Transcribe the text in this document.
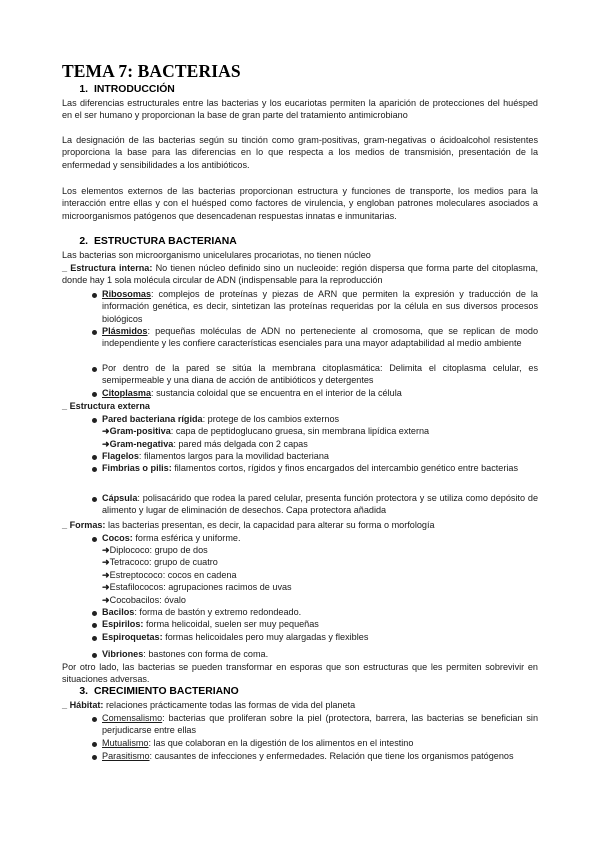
TEMA 7: BACTERIAS
1. INTRODUCCIÓN

Las diferencias estructurales entre las bacterias y los eucariotas permiten la aparición de protecciones del huésped en el ser humano y proporcionan la base de gran parte del tratamiento antimicrobiano

La designación de las bacterias según su tinción como gram-positivas, gram-negativas o ácidoalcohol resistentes proporciona la base para las diferencias en lo que respecta a los medios de transmisión, presentación de la enfermedad y sensibilidades a los antibióticos.

Los elementos externos de las bacterias proporcionan estructura y funciones de transporte, los medios para la interacción entre ellas y con el huésped como factores de virulencia, y engloban patrones moleculares asociados a microorganismos patógenos que desencadenan respuestas innatas e inmunitarias.

2. ESTRUCTURA BACTERIANA

Las bacterias son microorganismo unicelulares procariotas, no tienen núcleo

_ Estructura interna: No tienen núcleo definido sino un nucleoide: región dispersa que forma parte del citoplasma, donde hay 1 sola molécula circular de ADN (indispensable para la reproducción

Ribosomas: complejos de proteínas y piezas de ARN que permiten la expresión y traducción de la información genética, es decir, sintetizan las proteínas requeridas por la célula en sus diversos procesos biológicos

Plásmidos: pequeñas moléculas de ADN no perteneciente al cromosoma, que se replican de modo independiente y les confiere características esenciales para una mayor adaptabilidad al medio ambiente

Por dentro de la pared se sitúa la membrana citoplasmática: Delimita el citoplasma celular, es semipermeable y una diana de acción de antibióticos y detergentes

Citoplasma: sustancia coloidal que se encuentra en el interior de la célula

_ Estructura externa

Pared bacteriana rígida: protege de los cambios externos

➜Gram-positiva: capa de peptidoglucano gruesa, sin membrana lipídica externa

➜Gram-negativa: pared más delgada con 2 capas

Flagelos: filamentos largos para la movilidad bacteriana

Fimbrias o pilis: filamentos cortos, rígidos y finos encargados del intercambio genético entre bacterias

Cápsula: polisacárido que rodea la pared celular, presenta función protectora y se utiliza como depósito de alimento y lugar de eliminación de desechos. Capa protectora añadida

_ Formas: las bacterias presentan, es decir, la capacidad para alterar su forma o morfología

Cocos: forma esférica y uniforme.

➜Diplococo: grupo de dos

➜Tetracoco: grupo de cuatro

➜Estreptococo: cocos en cadena

➜Estafilococos: agrupaciones racimos de uvas

➜Cocobacilos: óvalo

Bacilos: forma de bastón y extremo redondeado.

Espirilos: forma helicoidal, suelen ser muy pequeñas

Espiroquetas: formas helicoidales pero muy alargadas y flexibles

Vibriones: bastones con forma de coma.

Por otro lado, las bacterias se pueden transformar en esporas que son estructuras que les permiten sobrevivir en situaciones adversas.

3. CRECIMIENTO BACTERIANO

_ Hábitat: relaciones prácticamente todas las formas de vida del planeta

Comensalismo: bacterias que proliferan sobre la piel (protectora, barrera, las bacterias se benefician sin perjudicarse entre ellas

Mutualismo: las que colaboran en la digestión de los alimentos en el intestino

Parasitismo: causantes de infecciones y enfermedades. Relación que tiene los organismos patógenos
